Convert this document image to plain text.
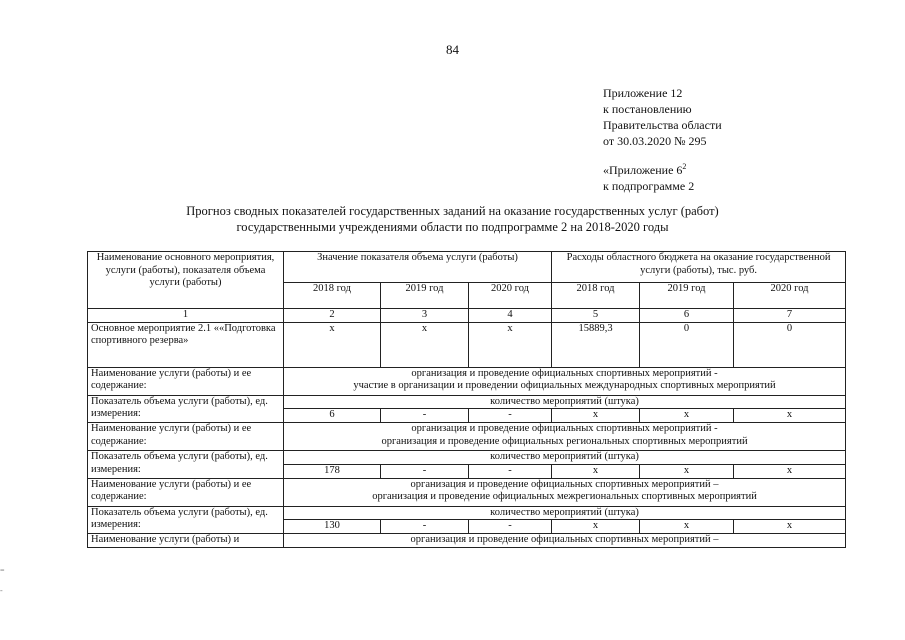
84
Приложение 12
к постановлению
Правительства области
от 30.03.2020 № 295
«Приложение $6^2$
к подпрограмме 2
Прогноз сводных показателей государственных заданий на оказание государственных услуг (работ)
государственными учреждениями области по подпрограмме 2 на 2018-2020 годы
Наименование основного мероприятия, услуги (работы), показателя объема услуги (работы)	Значение показателя объема услуги (работы)			Расходы областного бюджета на оказание государственной услуги (работы), тыс. руб.		
	2018 год	2019 год	2020 год	2018 год	2019 год	2020 год
1	2	3	4	5	6	7
Основное мероприятие 2.1 ««Подготовка спортивного резерва»	х	х	х	15889,3	0	0
Наименование услуги (работы) и ее содержание:	организация и проведение официальных спортивных мероприятий -
участие в организации и проведении официальных международных спортивных мероприятий					

Показатель объема услуги (работы), ед. измерения:	количество мероприятий (штука)					
	6	-	-	х	х	х
Наименование услуги (работы) и ее содержание:	организация и проведение официальных спортивных мероприятий -
организация и проведение официальных региональных спортивных мероприятий					

Показатель объема услуги (работы), ед. измерения:	количество мероприятий (штука)					
	178	-	-	х	х	х
Наименование услуги (работы) и ее содержание:	организация и проведение официальных спортивных мероприятий –
организация и проведение официальных межрегиональных спортивных мероприятий					

Показатель объема услуги (работы), ед. измерения:	количество мероприятий (штука)					
	130	-	-	х	х	х
Наименование услуги (работы) и	организация и проведение официальных спортивных мероприятий –					
=

-
